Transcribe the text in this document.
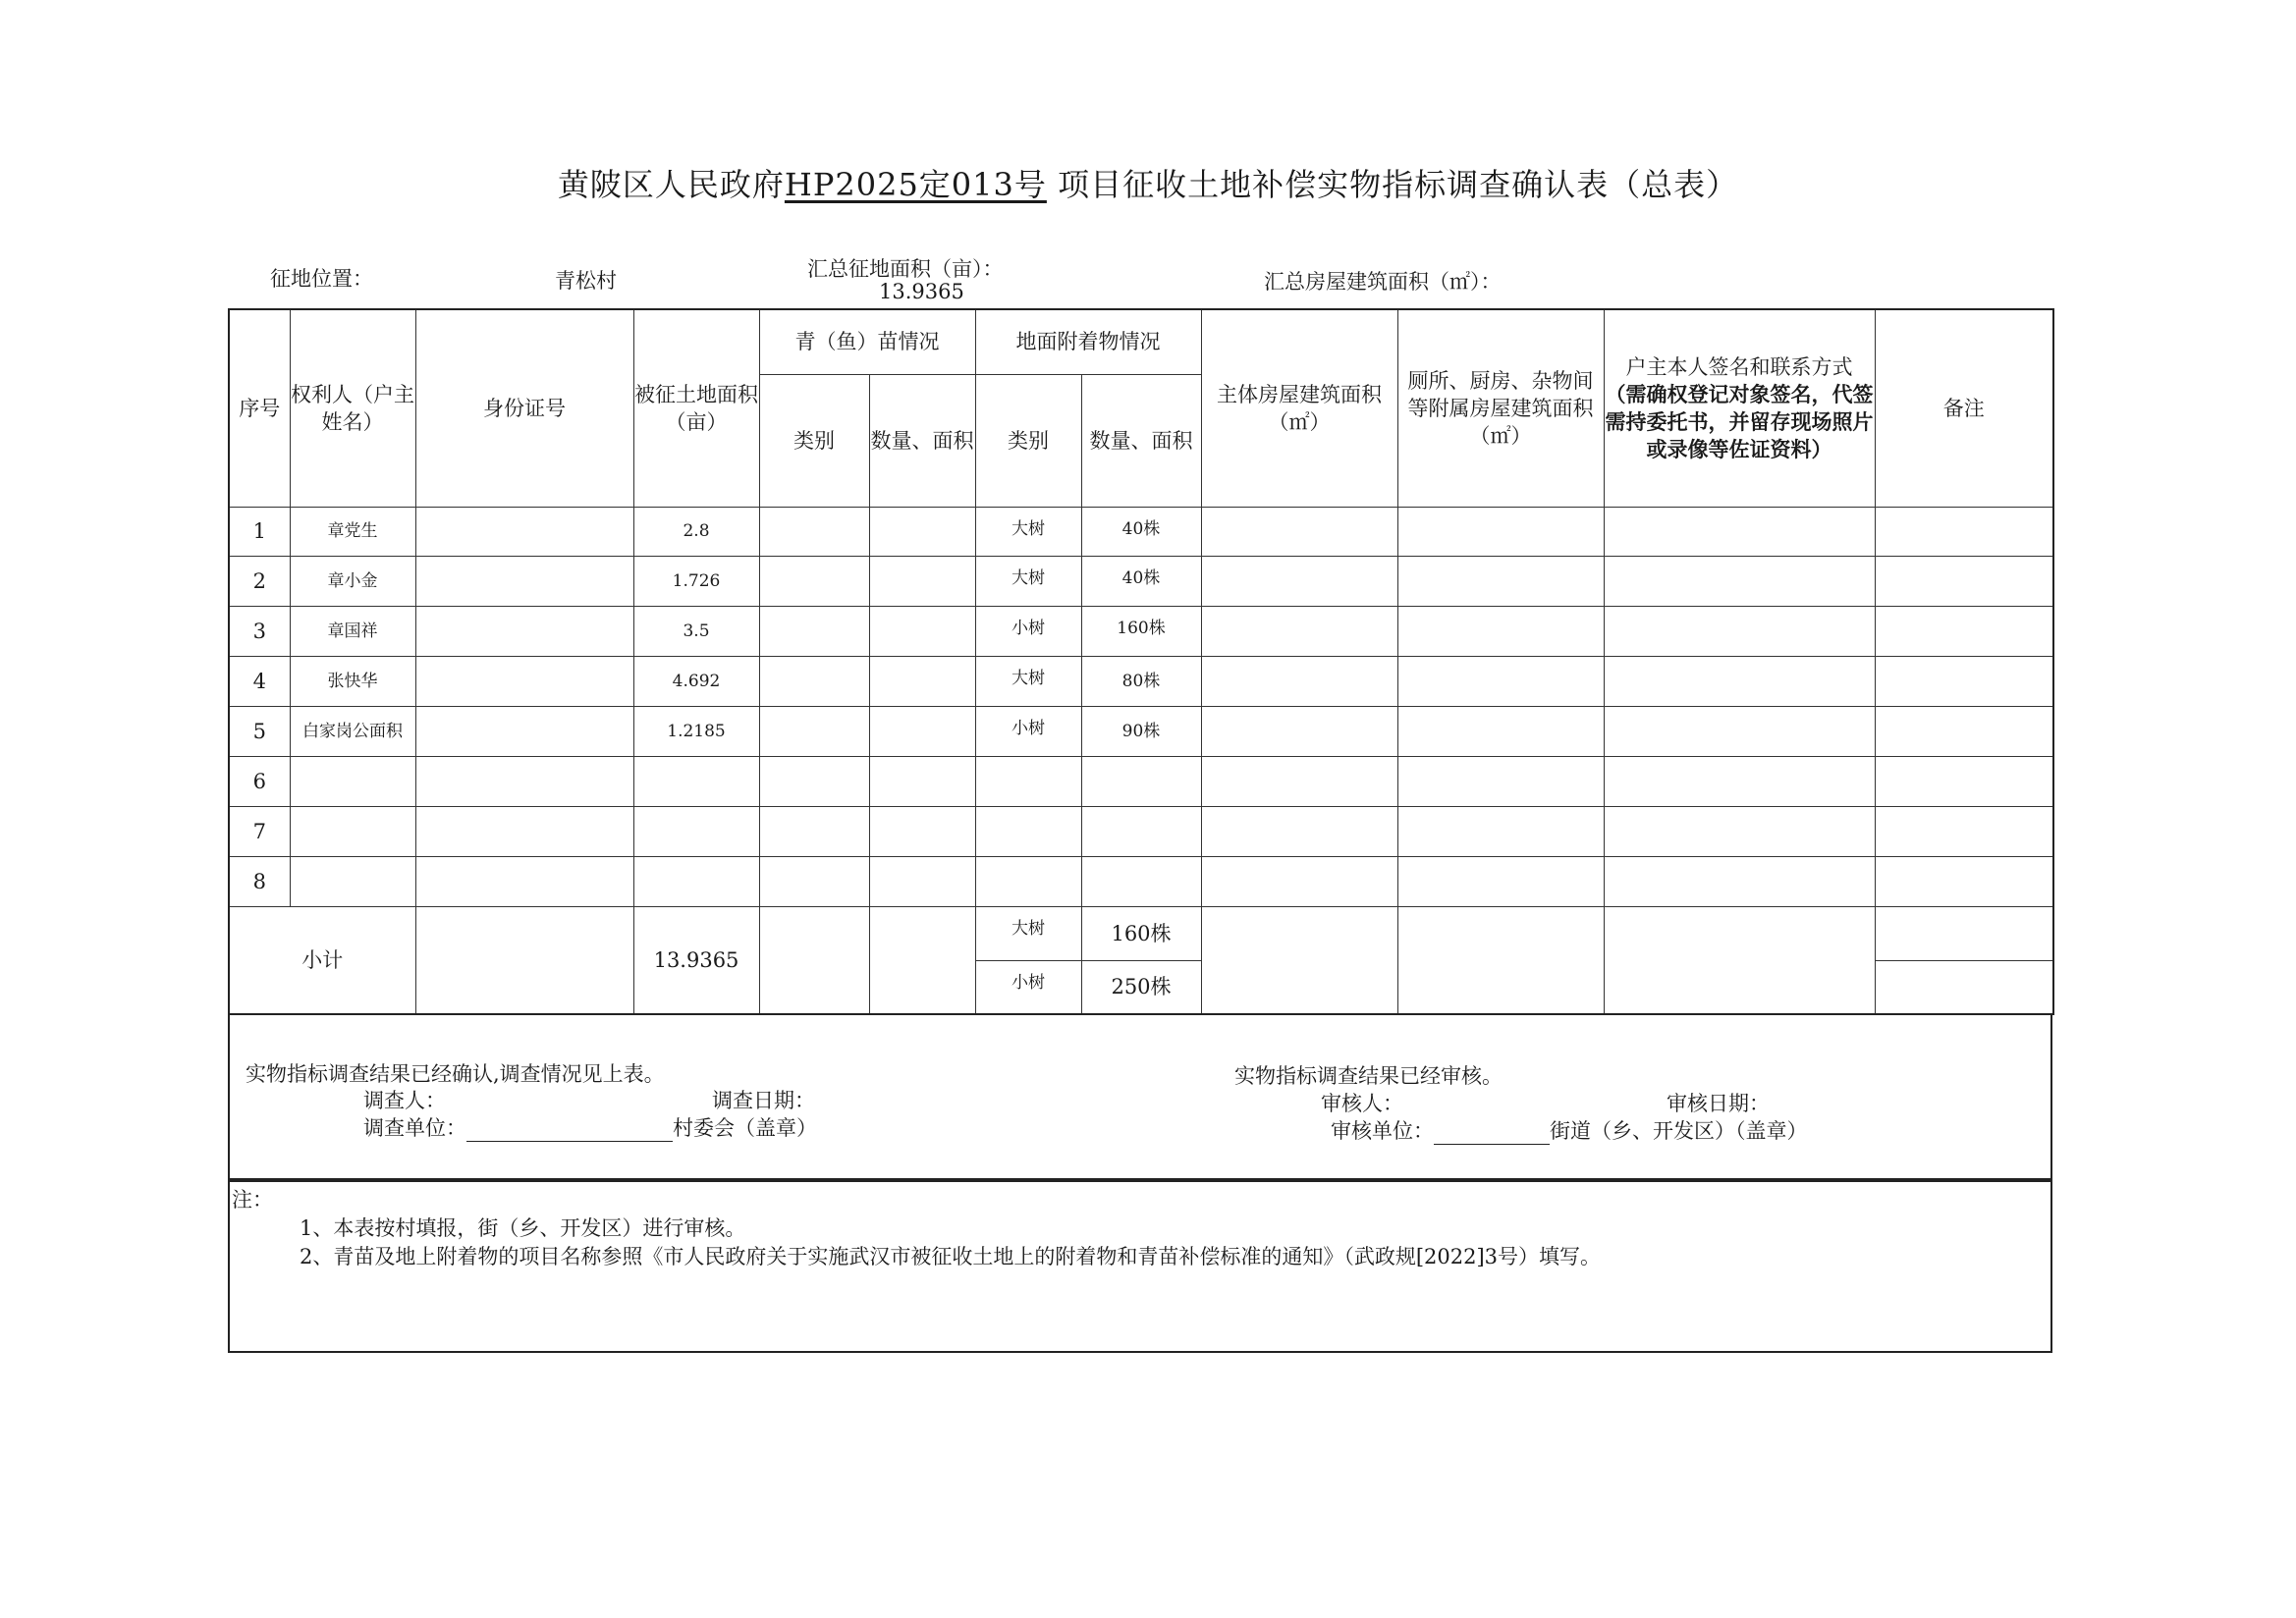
黄陂区人民政府HP2025定013号 项目征收土地补偿实物指标调查确认表（总表）
征地位置：	青松村	汇总征地面积（亩）：
13.9365	汇总房屋建筑面积（㎡）：
序号	权利人（户主姓名）	身份证号	被征土地面积（亩）	青（鱼）苗情况		地面附着物情况		主体房屋建筑面积（㎡）	厕所、厨房、杂物间等附属房屋建筑面积（㎡）	户主本人签名和联系方式
（需确权登记对象签名，代签需持委托书，并留存现场照片或录像等佐证资料）	备注
				类别	数量、面积	类别	数量、面积				
1	章党生		2.8			大树	40株				
2	章小金		1.726			大树	40株				
3	章国祥		3.5			小树	160株				
4	张快华		4.692			大树	80株				
5	白家岗公面积		1.2185			小树	90株				
6											
7											
8											
小计			13.9365			大树	160株				
						小树	250株				
实物指标调查结果已经确认,调查情况见上表。
调查人：	调查日期：
调查单位：	村委会（盖章）
实物指标调查结果已经审核。
审核人：	审核日期：
审核单位：	街道（乡、开发区）（盖章）
注：
1、本表按村填报，街（乡、开发区）进行审核。
2、青苗及地上附着物的项目名称参照《市人民政府关于实施武汉市被征收土地上的附着物和青苗补偿标准的通知》（武政规[2022]3号）填写。
